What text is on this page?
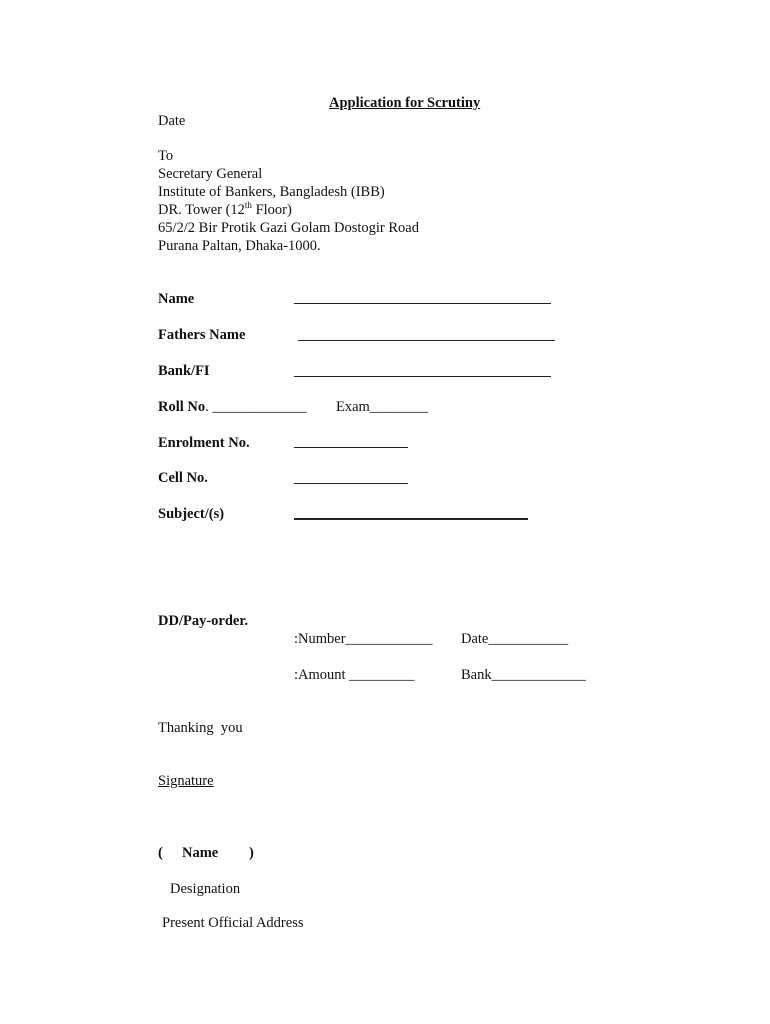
Application for Scrutiny
Date
To
Secretary General
Institute of Bankers, Bangladesh (IBB)
DR. Tower (12th Floor)
65/2/2 Bir Protik Gazi Golam Dostogir Road
Purana Paltan, Dhaka-1000.
Name
Fathers Name
Bank/FI
Roll No. _____________ Exam________
Enrolment No.
Cell No.
Subject/(s)
DD/Pay-order.
:Number____________ Date___________
:Amount _________	Bank_____________
Thanking  you
Signature
( Name )
Designation
Present Official Address
